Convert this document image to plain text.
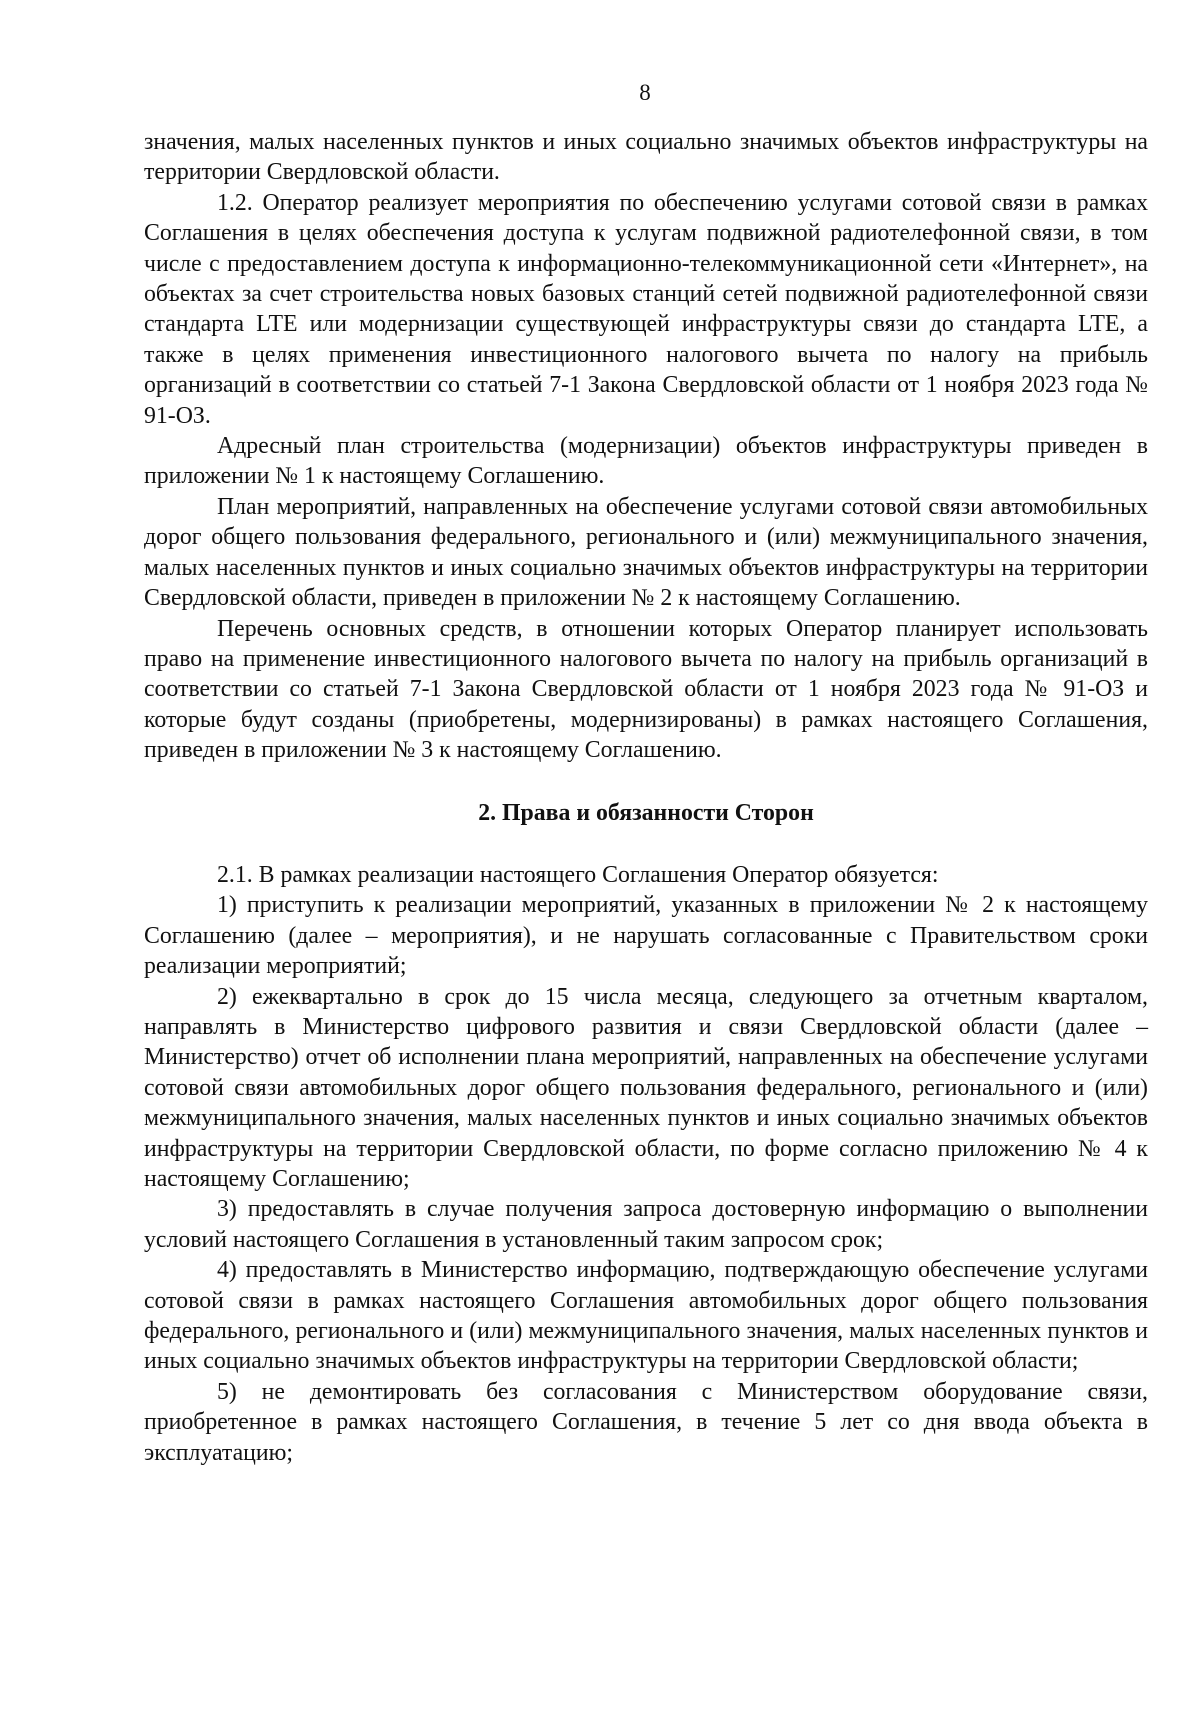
8

значения, малых населенных пунктов и иных социально значимых объектов инфраструктуры на территории Свердловской области.

1.2. Оператор реализует мероприятия по обеспечению услугами сотовой связи в рамках Соглашения в целях обеспечения доступа к услугам подвижной радиотелефонной связи, в том числе с предоставлением доступа к информационно-телекоммуникационной сети «Интернет», на объектах за счет строительства новых базовых станций сетей подвижной радиотелефонной связи стандарта LTE или модернизации существующей инфраструктуры связи до стандарта LTE, а также в целях применения инвестиционного налогового вычета по налогу на прибыль организаций в соответствии со статьей 7-1 Закона Свердловской области от 1 ноября 2023 года № 91-ОЗ.

Адресный план строительства (модернизации) объектов инфраструктуры приведен в приложении № 1 к настоящему Соглашению.

План мероприятий, направленных на обеспечение услугами сотовой связи автомобильных дорог общего пользования федерального, регионального и (или) межмуниципального значения, малых населенных пунктов и иных социально значимых объектов инфраструктуры на территории Свердловской области, приведен в приложении № 2 к настоящему Соглашению.

Перечень основных средств, в отношении которых Оператор планирует использовать право на применение инвестиционного налогового вычета по налогу на прибыль организаций в соответствии со статьей 7-1 Закона Свердловской области от 1 ноября 2023 года № 91-ОЗ и которые будут созданы (приобретены, модернизированы) в рамках настоящего Соглашения, приведен в приложении № 3 к настоящему Соглашению.

2. Права и обязанности Сторон

2.1. В рамках реализации настоящего Соглашения Оператор обязуется:

1) приступить к реализации мероприятий, указанных в приложении № 2 к настоящему Соглашению (далее – мероприятия), и не нарушать согласованные с Правительством сроки реализации мероприятий;

2) ежеквартально в срок до 15 числа месяца, следующего за отчетным кварталом, направлять в Министерство цифрового развития и связи Свердловской области (далее – Министерство) отчет об исполнении плана мероприятий, направленных на обеспечение услугами сотовой связи автомобильных дорог общего пользования федерального, регионального и (или) межмуниципального значения, малых населенных пунктов и иных социально значимых объектов инфраструктуры на территории Свердловской области, по форме согласно приложению № 4 к настоящему Соглашению;

3) предоставлять в случае получения запроса достоверную информацию о выполнении условий настоящего Соглашения в установленный таким запросом срок;

4) предоставлять в Министерство информацию, подтверждающую обеспечение услугами сотовой связи в рамках настоящего Соглашения автомобильных дорог общего пользования федерального, регионального и (или) межмуниципального значения, малых населенных пунктов и иных социально значимых объектов инфраструктуры на территории Свердловской области;

5) не демонтировать без согласования с Министерством оборудование связи, приобретенное в рамках настоящего Соглашения, в течение 5 лет со дня ввода объекта в эксплуатацию;
